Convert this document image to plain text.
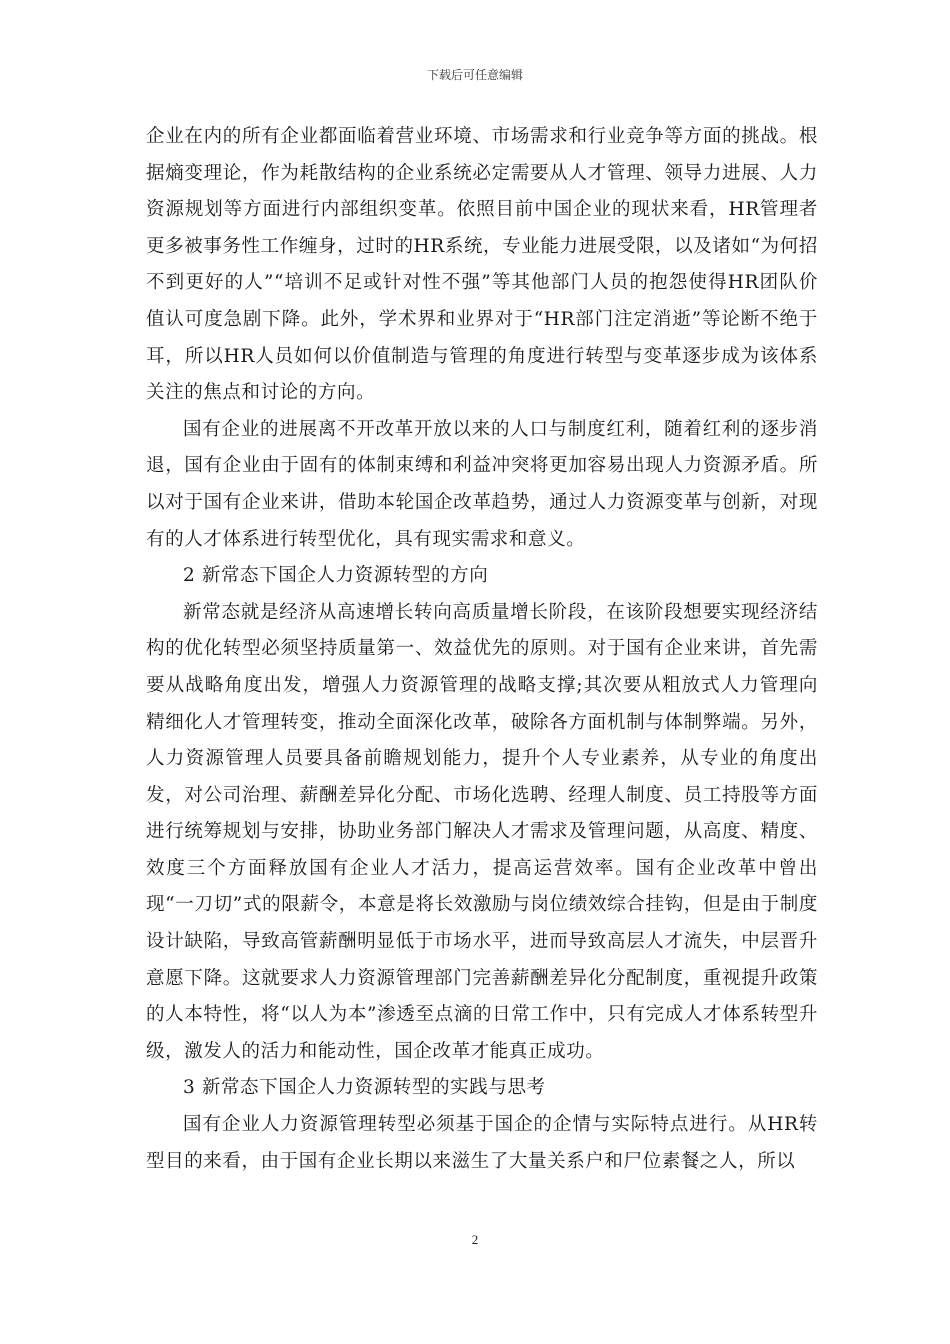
下载后可任意编辑

企业在内的所有企业都面临着营业环境、市场需求和行业竞争等方面的挑战。根据熵变理论，作为耗散结构的企业系统必定需要从人才管理、领导力进展、人力资源规划等方面进行内部组织变革。依照目前中国企业的现状来看，HR管理者更多被事务性工作缠身，过时的HR系统，专业能力进展受限，以及诸如“为何招不到更好的人”“培训不足或针对性不强”等其他部门人员的抱怨使得HR团队价值认可度急剧下降。此外，学术界和业界对于“HR部门注定消逝”等论断不绝于耳，所以HR人员如何以价值制造与管理的角度进行转型与变革逐步成为该体系关注的焦点和讨论的方向。

国有企业的进展离不开改革开放以来的人口与制度红利，随着红利的逐步消退，国有企业由于固有的体制束缚和利益冲突将更加容易出现人力资源矛盾。所以对于国有企业来讲，借助本轮国企改革趋势，通过人力资源变革与创新，对现有的人才体系进行转型优化，具有现实需求和意义。

2 新常态下国企人力资源转型的方向

新常态就是经济从高速增长转向高质量增长阶段，在该阶段想要实现经济结构的优化转型必须坚持质量第一、效益优先的原则。对于国有企业来讲，首先需要从战略角度出发，增强人力资源管理的战略支撑;其次要从粗放式人力管理向精细化人才管理转变，推动全面深化改革，破除各方面机制与体制弊端。另外，人力资源管理人员要具备前瞻规划能力，提升个人专业素养，从专业的角度出发，对公司治理、薪酬差异化分配、市场化选聘、经理人制度、员工持股等方面进行统筹规划与安排，协助业务部门解决人才需求及管理问题，从高度、精度、效度三个方面释放国有企业人才活力，提高运营效率。国有企业改革中曾出现“一刀切”式的限薪令，本意是将长效激励与岗位绩效综合挂钩，但是由于制度设计缺陷，导致高管薪酬明显低于市场水平，进而导致高层人才流失，中层晋升意愿下降。这就要求人力资源管理部门完善薪酬差异化分配制度，重视提升政策的人本特性，将“以人为本”渗透至点滴的日常工作中，只有完成人才体系转型升级，激发人的活力和能动性，国企改革才能真正成功。

3 新常态下国企人力资源转型的实践与思考

国有企业人力资源管理转型必须基于国企的企情与实际特点进行。从HR转型目的来看，由于国有企业长期以来滋生了大量关系户和尸位素餐之人，所以

2
